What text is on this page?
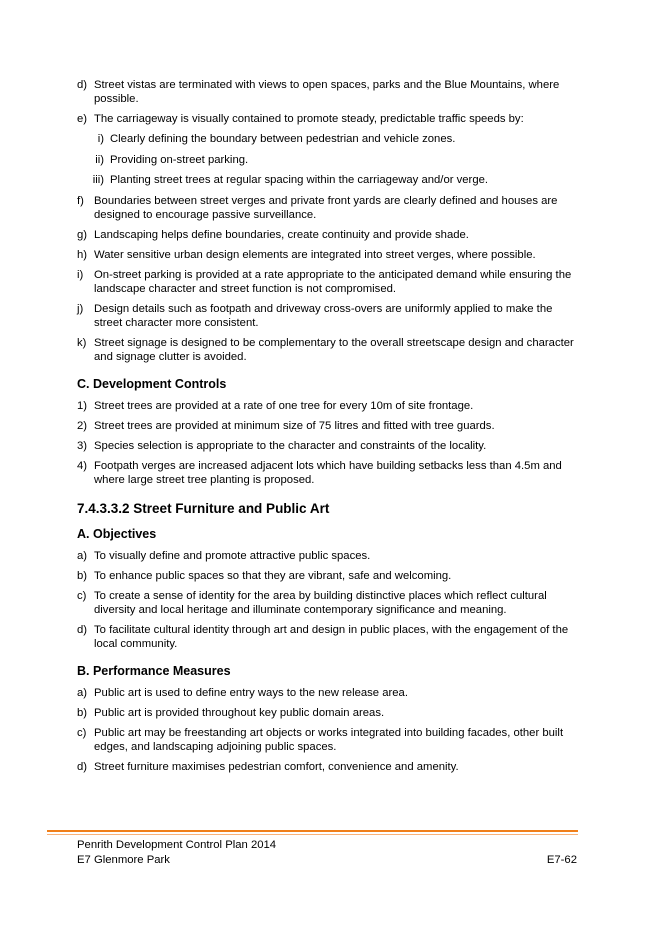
d) Street vistas are terminated with views to open spaces, parks and the Blue Mountains, where possible.
e) The carriageway is visually contained to promote steady, predictable traffic speeds by:
i) Clearly defining the boundary between pedestrian and vehicle zones.
ii) Providing on-street parking.
iii) Planting street trees at regular spacing within the carriageway and/or verge.
f) Boundaries between street verges and private front yards are clearly defined and houses are designed to encourage passive surveillance.
g) Landscaping helps define boundaries, create continuity and provide shade.
h) Water sensitive urban design elements are integrated into street verges, where possible.
i) On-street parking is provided at a rate appropriate to the anticipated demand while ensuring the landscape character and street function is not compromised.
j) Design details such as footpath and driveway cross-overs are uniformly applied to make the street character more consistent.
k) Street signage is designed to be complementary to the overall streetscape design and character and signage clutter is avoided.
C. Development Controls
1) Street trees are provided at a rate of one tree for every 10m of site frontage.
2) Street trees are provided at minimum size of 75 litres and fitted with tree guards.
3) Species selection is appropriate to the character and constraints of the locality.
4) Footpath verges are increased adjacent lots which have building setbacks less than 4.5m and where large street tree planting is proposed.
7.4.3.3.2 Street Furniture and Public Art
A. Objectives
a) To visually define and promote attractive public spaces.
b) To enhance public spaces so that they are vibrant, safe and welcoming.
c) To create a sense of identity for the area by building distinctive places which reflect cultural diversity and local heritage and illuminate contemporary significance and meaning.
d) To facilitate cultural identity through art and design in public places, with the engagement of the local community.
B. Performance Measures
a) Public art is used to define entry ways to the new release area.
b) Public art is provided throughout key public domain areas.
c) Public art may be freestanding art objects or works integrated into building facades, other built edges, and landscaping adjoining public spaces.
d) Street furniture maximises pedestrian comfort, convenience and amenity.
Penrith Development Control Plan 2014
E7 Glenmore Park	E7-62
